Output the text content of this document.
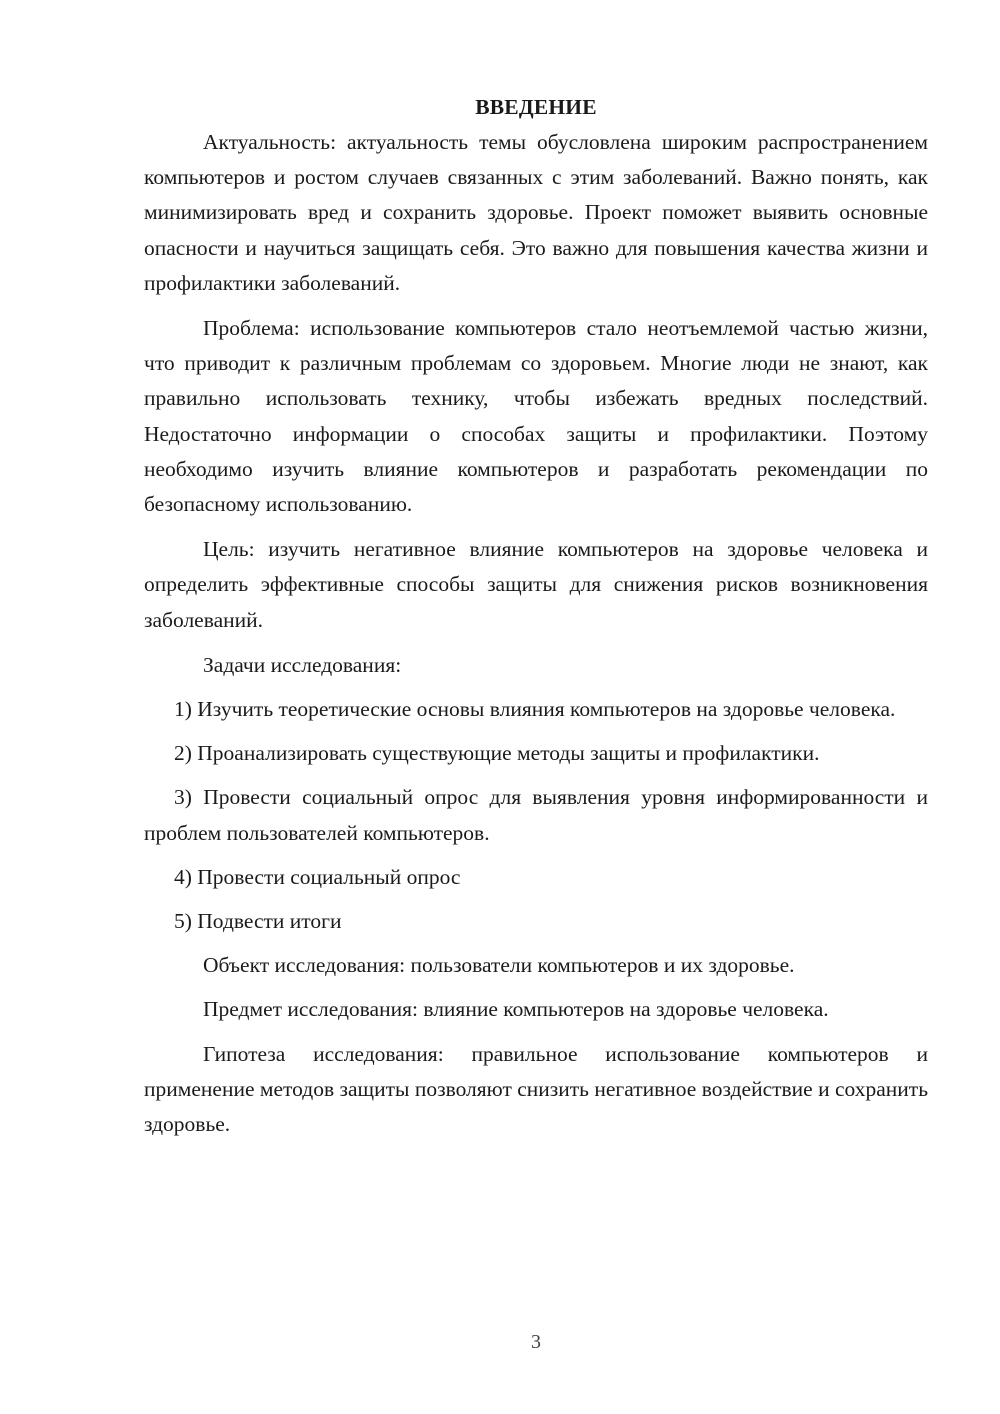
ВВЕДЕНИЕ

Актуальность: актуальность темы обусловлена широким распространением компьютеров и ростом случаев связанных с этим заболеваний. Важно понять, как минимизировать вред и сохранить здоровье. Проект поможет выявить основные опасности и научиться защищать себя. Это важно для повышения качества жизни и профилактики заболеваний.

Проблема: использование компьютеров стало неотъемлемой частью жизни, что приводит к различным проблемам со здоровьем. Многие люди не знают, как правильно использовать технику, чтобы избежать вредных последствий. Недостаточно информации о способах защиты и профилактики. Поэтому необходимо изучить влияние компьютеров и разработать рекомендации по безопасному использованию.

Цель: изучить негативное влияние компьютеров на здоровье человека и определить эффективные способы защиты для снижения рисков возникновения заболеваний.

Задачи исследования:

1) Изучить теоретические основы влияния компьютеров на здоровье человека.

2) Проанализировать существующие методы защиты и профилактики.

3) Провести социальный опрос для выявления уровня информированности и проблем пользователей компьютеров.

4) Провести социальный опрос

5) Подвести итоги

Объект исследования: пользователи компьютеров и их здоровье.

Предмет исследования: влияние компьютеров на здоровье человека.

Гипотеза исследования: правильное использование компьютеров и применение методов защиты позволяют снизить негативное воздействие и сохранить здоровье.

3
